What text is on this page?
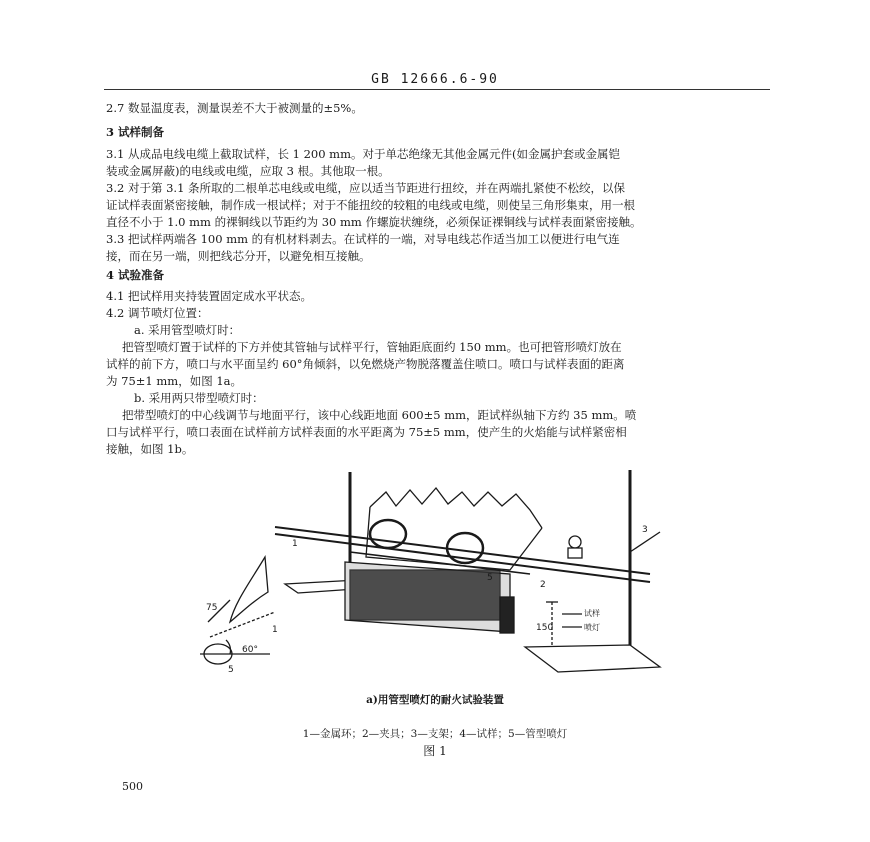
GB 12666.6-90
2.7 数显温度表，测量误差不大于被测量的±5%。
3 试样制备
3.1 从成品电线电缆上截取试样，长 1 200 mm。对于单芯绝缘无其他金属元件(如金属护套或金属铠
装或金属屏蔽)的电线或电缆，应取 3 根。其他取一根。
3.2 对于第 3.1 条所取的二根单芯电线或电缆，应以适当节距进行扭绞，并在两端扎紧使不松绞，以保
证试样表面紧密接触，制作成一根试样；对于不能扭绞的较粗的电线或电缆，则使呈三角形集束，用一根
直径不小于 1.0 mm 的裸铜线以节距约为 30 mm 作螺旋状缠绕，必须保证裸铜线与试样表面紧密接触。
3.3 把试样两端各 100 mm 的有机材料剥去。在试样的一端，对导电线芯作适当加工以便进行电气连
接，而在另一端，则把线芯分开，以避免相互接触。
4 试验准备
4.1 把试样用夹持装置固定成水平状态。
4.2 调节喷灯位置：
a. 采用管型喷灯时：
把管型喷灯置于试样的下方并使其管轴与试样平行，管轴距底面约 150 mm。也可把管形喷灯放在
试样的前下方，喷口与水平面呈约 60°角倾斜，以免燃烧产物脱落覆盖住喷口。喷口与试样表面的距离
为 75±1 mm，如图 1a。
b. 采用两只带型喷灯时：
把带型喷灯的中心线调节与地面平行，该中心线距地面 600±5 mm，距试样纵轴下方约 35 mm。喷
口与试样平行，喷口表面在试样前方试样表面的水平距离为 75±5 mm，使产生的火焰能与试样紧密相
接触，如图 1b。
1
2
3
5
1
5
60°
75
150
试样
喷灯
a)用管型喷灯的耐火试验装置
1—金属环；2—夹具；3—支架；4—试样；5—管型喷灯
图 1
500
